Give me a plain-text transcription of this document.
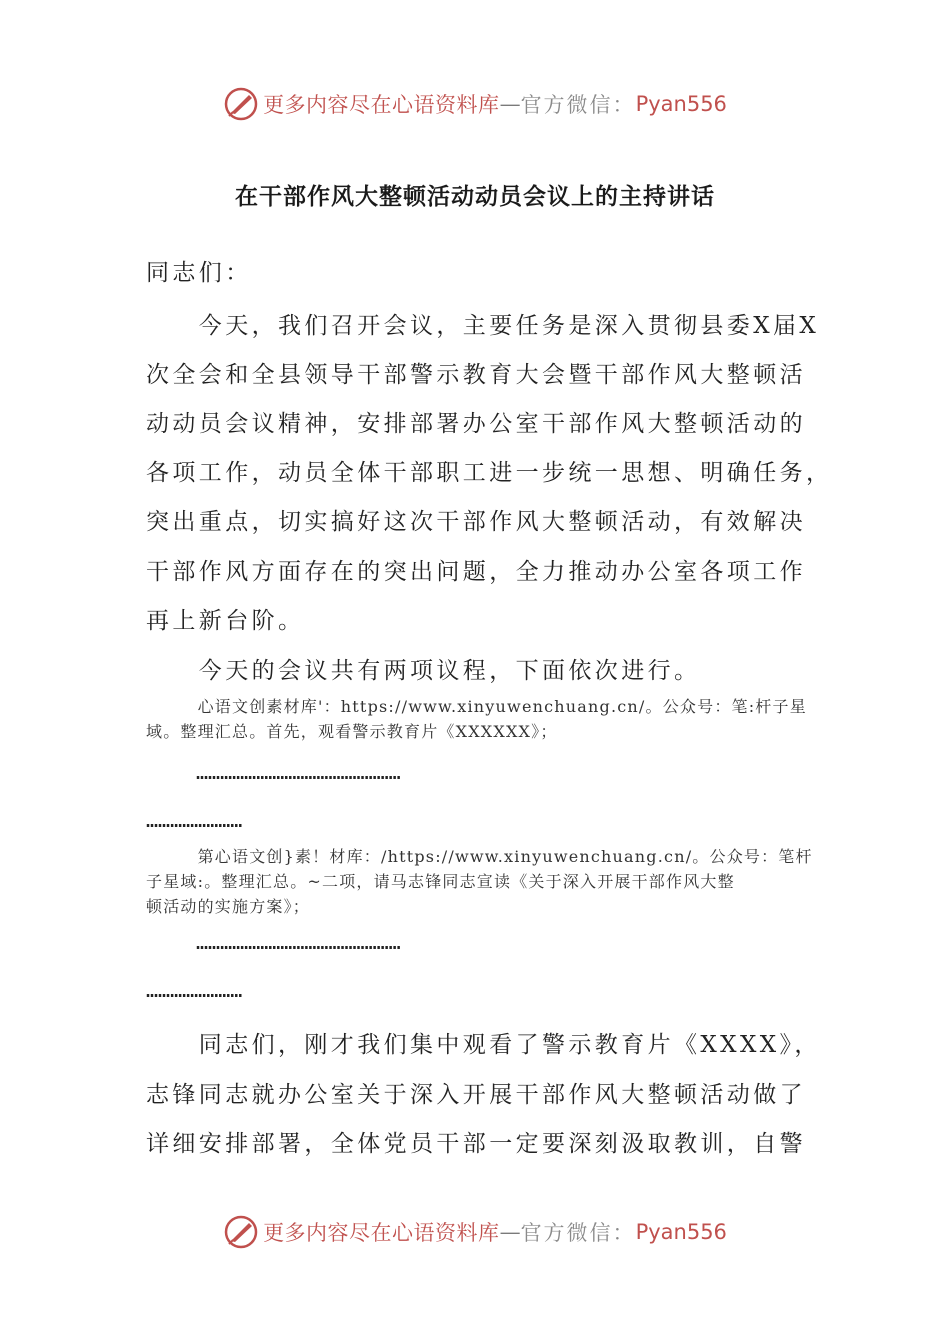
更多内容尽在心语资料库 — 官方微信： Pyan556
在干部作风大整顿活动动员会议上的主持讲话
同志们：
　　今天，我们召开会议，主要任务是深入贯彻县委X届X
次全会和全县领导干部警示教育大会暨干部作风大整顿活
动动员会议精神，安排部署办公室干部作风大整顿活动的
各项工作，动员全体干部职工进一步统一思想、明确任务，
突出重点，切实搞好这次干部作风大整顿活动，有效解决
干部作风方面存在的突出问题，全力推动办公室各项工作
再上新台阶。
　　今天的会议共有两项议程，下面依次进行。
　　　心语文创素材库'：https://www.xinyuwenchuang.cn/。公众号：笔:杆子星
域。整理汇总。首先，观看警示教育片《XXXXXX》；
……………………………………………
……………………
　　　第心语文创}素！材库：/https://www.xinyuwenchuang.cn/。公众号：笔杆
子星域:。整理汇总。~二项，请马志锋同志宣读《关于深入开展干部作风大整
顿活动的实施方案》；
……………………………………………
……………………
　　同志们，刚才我们集中观看了警示教育片《XXXX》，
志锋同志就办公室关于深入开展干部作风大整顿活动做了
详细安排部署，全体党员干部一定要深刻汲取教训，自警
更多内容尽在心语资料库 — 官方微信： Pyan556
